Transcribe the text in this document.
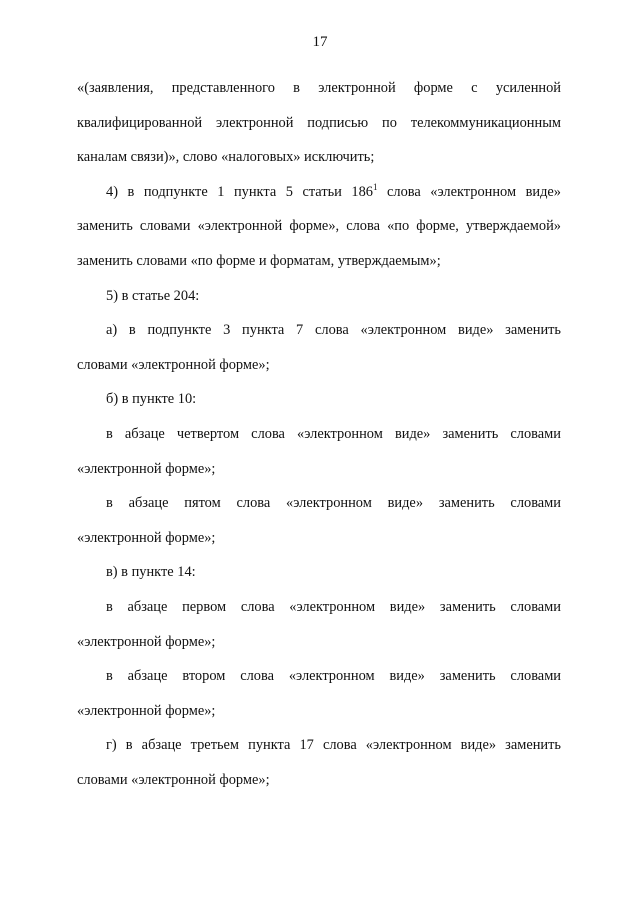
17
«(заявления, представленного в электронной форме с усиленной
квалифицированной электронной подписью по телекоммуникационным
каналам связи)», слово «налоговых» исключить;
4) в подпункте 1 пункта 5 статьи $186^1$ слова «электронном виде»
заменить словами «электронной форме», слова «по форме, утверждаемой»
заменить словами «по форме и форматам, утверждаемым»;
5) в статье 204:
а) в подпункте 3 пункта 7 слова «электронном виде» заменить
словами «электронной форме»;
б) в пункте 10:
в абзаце четвертом слова «электронном виде» заменить словами
«электронной форме»;
в абзаце пятом слова «электронном виде» заменить словами
«электронной форме»;
в) в пункте 14:
в абзаце первом слова «электронном виде» заменить словами
«электронной форме»;
в абзаце втором слова «электронном виде» заменить словами
«электронной форме»;
г) в абзаце третьем пункта 17 слова «электронном виде» заменить
словами «электронной форме»;
